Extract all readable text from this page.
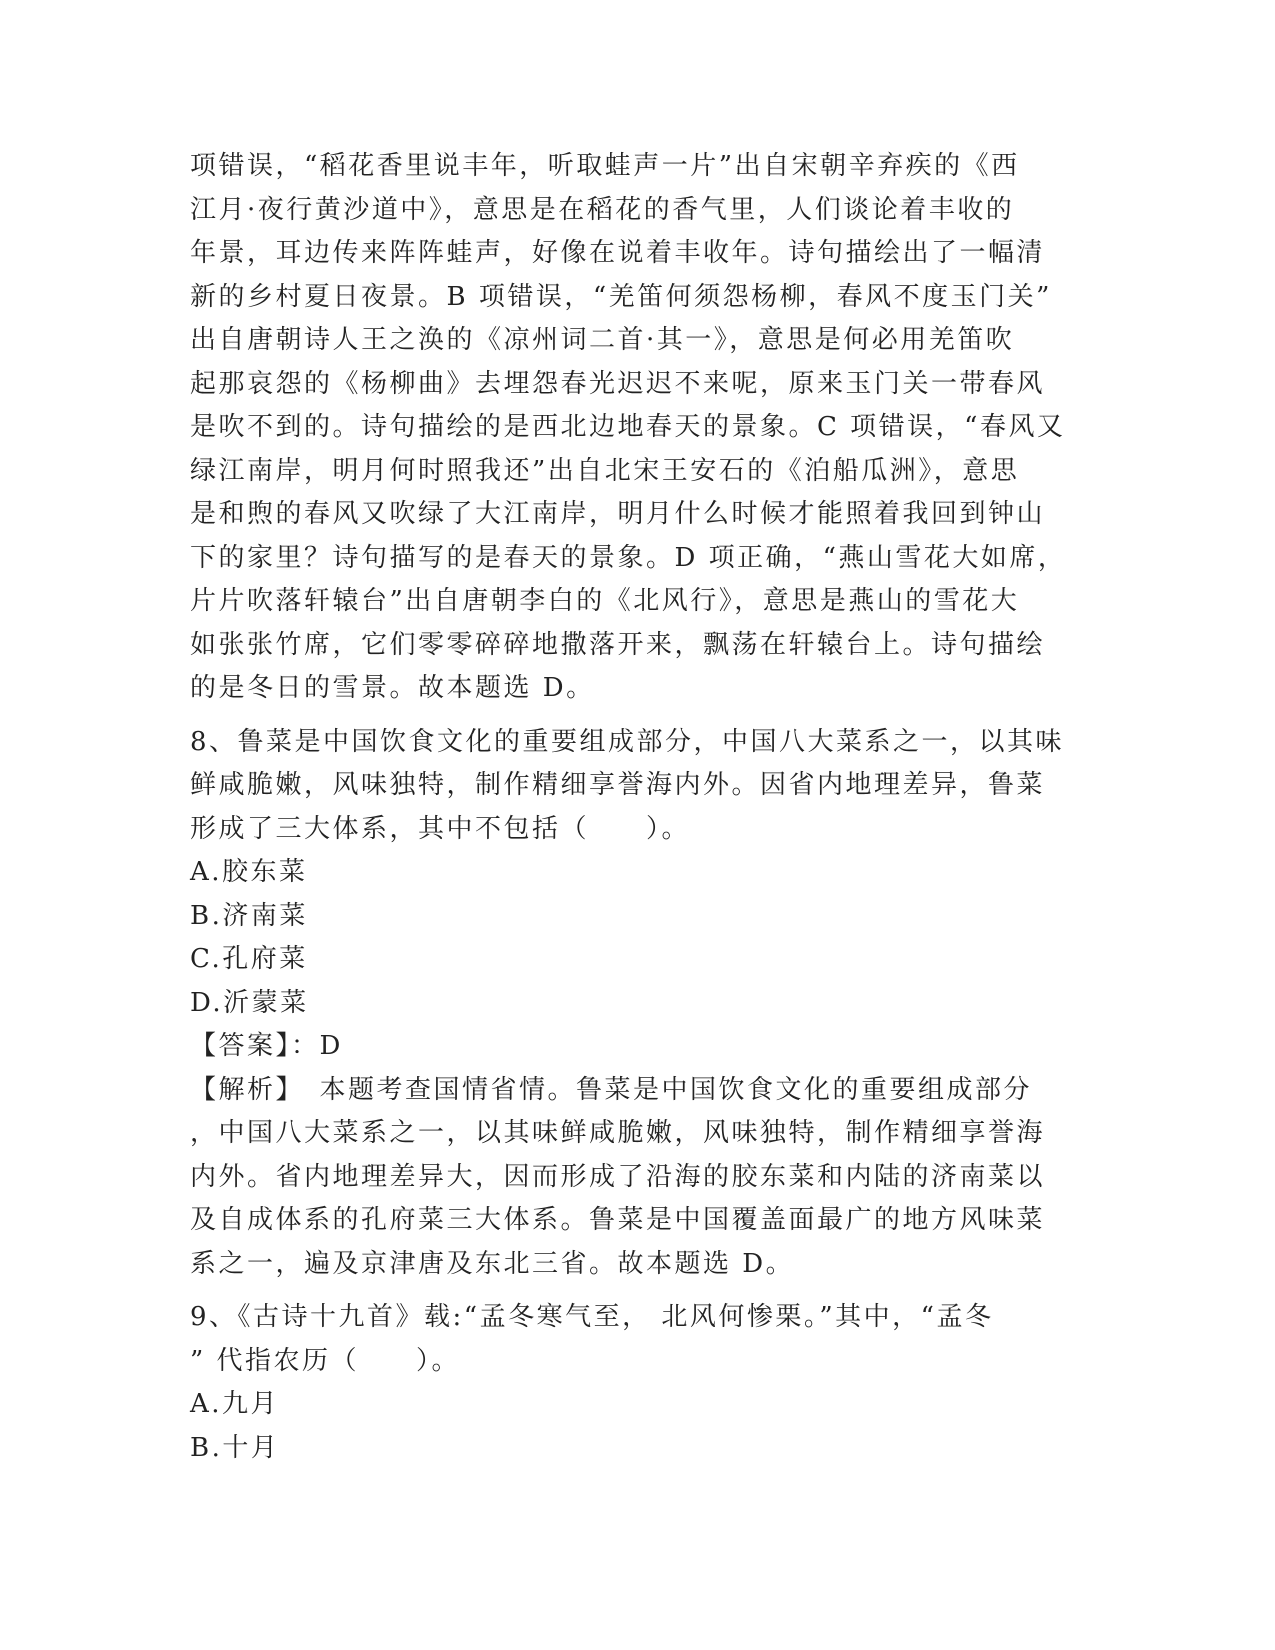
项错误，“稻花香里说丰年，听取蛙声一片”出自宋朝辛弃疾的《西

江月·夜行黄沙道中》，意思是在稻花的香气里，人们谈论着丰收的

年景，耳边传来阵阵蛙声，好像在说着丰收年。诗句描绘出了一幅清

新的乡村夏日夜景。B 项错误，“羌笛何须怨杨柳，春风不度玉门关”

出自唐朝诗人王之涣的《凉州词二首·其一》，意思是何必用羌笛吹

起那哀怨的《杨柳曲》去埋怨春光迟迟不来呢，原来玉门关一带春风

是吹不到的。诗句描绘的是西北边地春天的景象。C 项错误，“春风又

绿江南岸，明月何时照我还”出自北宋王安石的《泊船瓜洲》，意思

是和煦的春风又吹绿了大江南岸，明月什么时候才能照着我回到钟山

下的家里？诗句描写的是春天的景象。D 项正确，“燕山雪花大如席，

片片吹落轩辕台”出自唐朝李白的《北风行》，意思是燕山的雪花大

如张张竹席，它们零零碎碎地撒落开来，飘荡在轩辕台上。诗句描绘

的是冬日的雪景。故本题选 D。

8、鲁菜是中国饮食文化的重要组成部分，中国八大菜系之一，以其味

鲜咸脆嫩，风味独特，制作精细享誉海内外。因省内地理差异，鲁菜

形成了三大体系，其中不包括（　　）。

A.胶东菜

B.济南菜

C.孔府菜

D.沂蒙菜

【答案】：D

【解析】　本题考查国情省情。鲁菜是中国饮食文化的重要组成部分

，中国八大菜系之一，以其味鲜咸脆嫩，风味独特，制作精细享誉海

内外。省内地理差异大，因而形成了沿海的胶东菜和内陆的济南菜以

及自成体系的孔府菜三大体系。鲁菜是中国覆盖面最广的地方风味菜

系之一，遍及京津唐及东北三省。故本题选 D。

9、《古诗十九首》载:“孟冬寒气至， 北风何惨栗。”其中，“孟冬

” 代指农历（　　）。

A.九月

B.十月
